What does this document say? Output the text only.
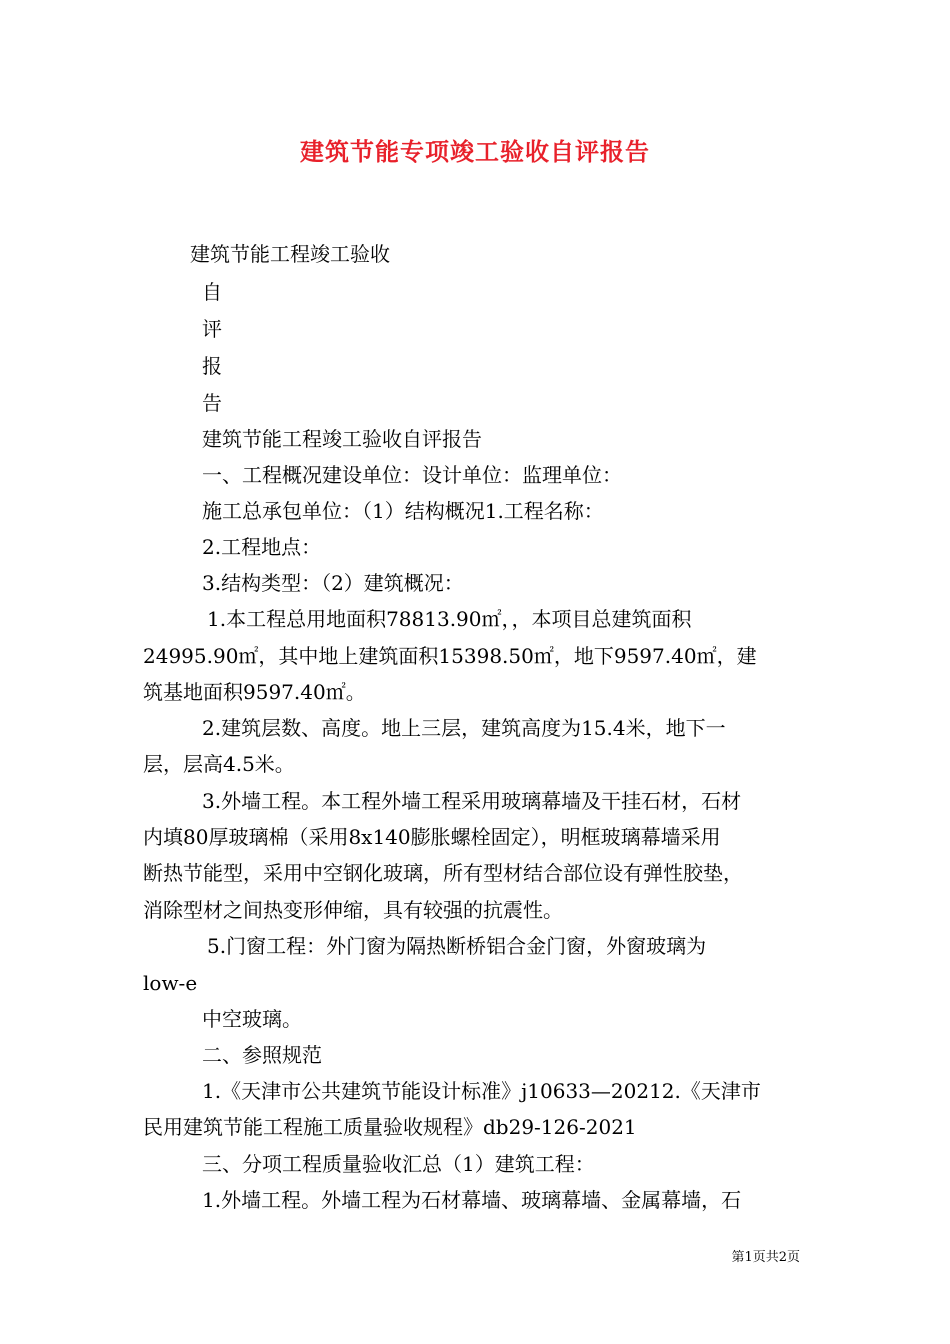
建筑节能专项竣工验收自评报告
建筑节能工程竣工验收
自
评
报
告
建筑节能工程竣工验收自评报告
一、工程概况建设单位：设计单位：监理单位：
施工总承包单位：（1）结构概况1.工程名称：
2.工程地点：
3.结构类型：（2）建筑概况：
1.本工程总用地面积78813.90㎡，，本项目总建筑面积
24995.90㎡，其中地上建筑面积15398.50㎡，地下9597.40㎡，建
筑基地面积9597.40㎡。
2.建筑层数、高度。地上三层，建筑高度为15.4米，地下一
层，层高4.5米。
3.外墙工程。本工程外墙工程采用玻璃幕墙及干挂石材，石材
内填80厚玻璃棉（采用8x140膨胀螺栓固定），明框玻璃幕墙采用
断热节能型，采用中空钢化玻璃，所有型材结合部位设有弹性胶垫，
消除型材之间热变形伸缩，具有较强的抗震性。
5.门窗工程：外门窗为隔热断桥铝合金门窗，外窗玻璃为
low-e
中空玻璃。
二、参照规范
1.《天津市公共建筑节能设计标准》j10633—20212.《天津市
民用建筑节能工程施工质量验收规程》db29-126-2021
三、分项工程质量验收汇总（1）建筑工程：
1.外墙工程。外墙工程为石材幕墙、玻璃幕墙、金属幕墙，石
第1页共2页
